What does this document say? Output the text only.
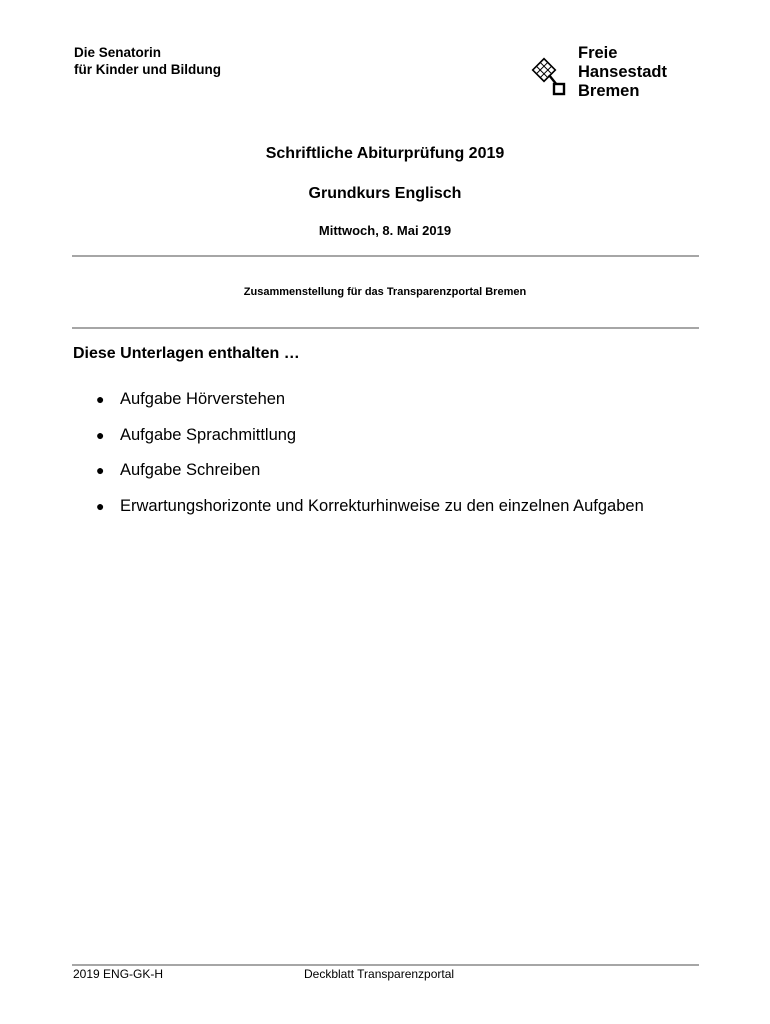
Die Senatorin
für Kinder und Bildung
Freie
Hansestadt
Bremen
Schriftliche Abiturprüfung 2019
Grundkurs Englisch
Mittwoch, 8. Mai 2019
Zusammenstellung für das Transparenzportal Bremen
Diese Unterlagen enthalten …
● Aufgabe Hörverstehen
● Aufgabe Sprachmittlung
● Aufgabe Schreiben
● Erwartungshorizonte und Korrekturhinweise zu den einzelnen Aufgaben
2019 ENG-GK-H	Deckblatt Transparenzportal
